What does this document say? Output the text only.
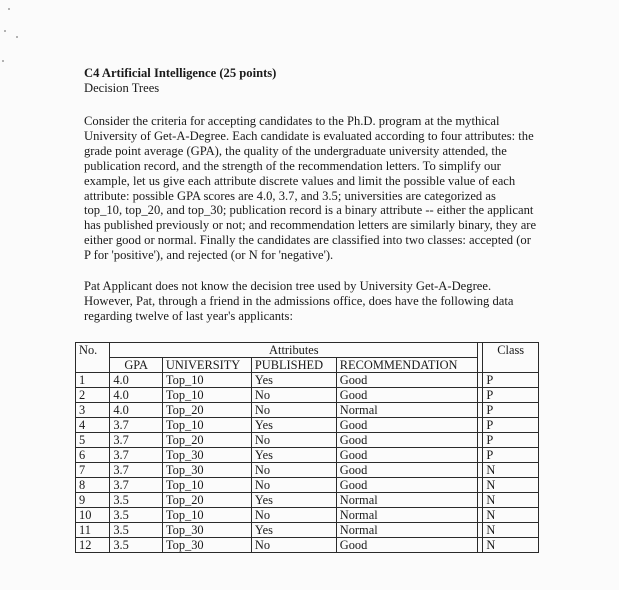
C4 Artificial Intelligence (25 points)

Decision Trees

Consider the criteria for accepting candidates to the Ph.D. program at the mythical
University of Get-A-Degree. Each candidate is evaluated according to four attributes: the
grade point average (GPA), the quality of the undergraduate university attended, the
publication record, and the strength of the recommendation letters. To simplify our
example, let us give each attribute discrete values and limit the possible value of each
attribute: possible GPA scores are 4.0, 3.7, and 3.5; universities are categorized as
top_10, top_20, and top_30; publication record is a binary attribute -- either the applicant
has published previously or not; and recommendation letters are similarly binary, they are
either good or normal. Finally the candidates are classified into two classes: accepted (or
P for 'positive'), and rejected (or N for 'negative').
Pat Applicant does not know the decision tree used by University Get-A-Degree.
However, Pat, through a friend in the admissions office, does have the following data
regarding twelve of last year's applicants:
No.	Attributes					Class
	GPA	UNIVERSITY	PUBLISHED	RECOMMENDATION		
1	4.0	Top_10	Yes	Good		P
2	4.0	Top_10	No	Good		P
3	4.0	Top_20	No	Normal		P
4	3.7	Top_10	Yes	Good		P
5	3.7	Top_20	No	Good		P
6	3.7	Top_30	Yes	Good		P
7	3.7	Top_30	No	Good		N
8	3.7	Top_10	No	Good		N
9	3.5	Top_20	Yes	Normal		N
10	3.5	Top_10	No	Normal		N
11	3.5	Top_30	Yes	Normal		N
12	3.5	Top_30	No	Good		N
